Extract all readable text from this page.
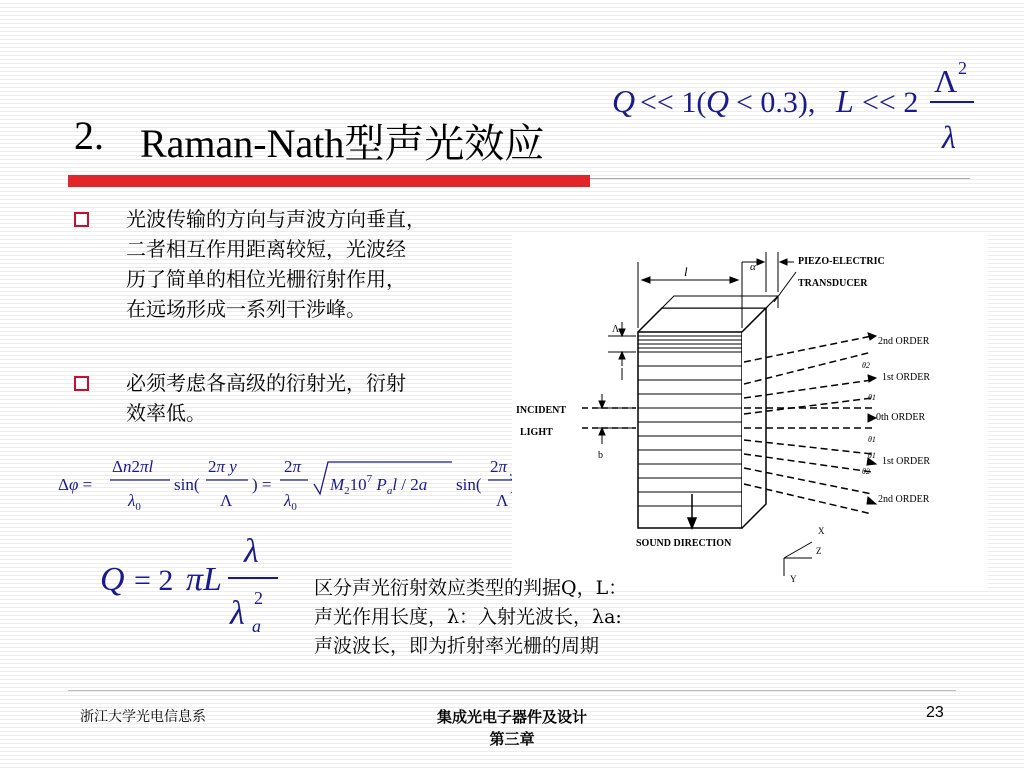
2. Raman-Nath型声光效应
Q << 1( Q < 0.3), L << 2
Λ 2
λ
光波传输的方向与声波方向垂直，
二者相互作用距离较短，光波经
历了简单的相位光栅衍射作用，
在远场形成一系列干涉峰。
必须考虑各高级的衍射光，衍射
效率低。
Δφ =
Δn2πl
$\lambda_0$
sin(
2π y
Λ
) =
2π
$\lambda_0$
$M_210^7$ $P_al / 2a$ sin(
2π y
Λ
)
Q = 2 πL
λ
λ 2
a
l	α	PIEZO-ELECTRIC
TRANSDUCER
Λ
b
INCIDENT
LIGHT
SOUND DIRECTION
2nd ORDER
1st ORDER
0th ORDER
1st ORDER
2nd ORDER
θ2
θ1
θ1
θ1
θ2
X
Z
Y
区分声光衍射效应类型的判据Q，L：
声光作用长度，λ：入射光波长，λa:
声波波长，即为折射率光栅的周期
浙江大学光电信息系	集成光电子器件及设计
第三章
23
